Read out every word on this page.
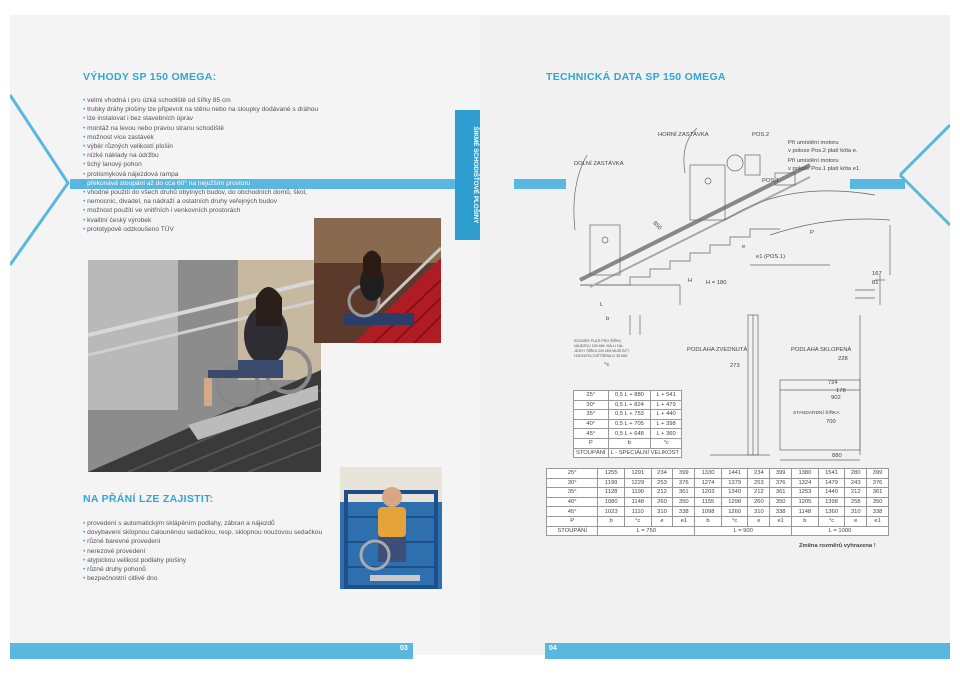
VÝHODY SP 150 OMEGA:
• velmi vhodná i pro úzká schodiště od šířky 85 cm
• trubky dráhy plošiny lze připevnit na stěnu nebo na sloupky dodávané s dráhou
• lze instalovat i bez stavebních úprav
• montáž na levou nebo pravou stranu schodiště
• možnost více zastávek
• výběr různých velikostí plošin
• nízké náklady na údržbu
• tichý lanový pohon
• protismyková nájezdová rampa
• překonává stoupání až do cca 60° na nejužším prostoru
• vhodné použití do všech druhů obytných budov, do obchodních domů, škol,
• nemocnic, divadel, na nádraží a ostatních druhy veřejných budov
• možnost použití ve vnitřních i venkovních prostorách
• kvalitní český výrobek
• prototypově odzkoušeno TÜV

ŠIKMÉ SCHODIŠŤOVÉ PLOŠINY
NA PŘÁNÍ LZE ZAJISTIT:
• provedení s automatickým sklápěním podlahy, zábran a nájezdů
• dovybavení sklopnou čalouněnou sedačkou, resp. sklopnou nouzovou sedačkou
• různé barevné provedení
• nerezové provedení
• atypickou velikost podlahy plošiny
• různé druhy pohonů
• bezpečnostní citlivé dno
TECHNICKÁ DATA SP 150 OMEGA
HORNÍ ZASTÁVKA
DOLNÍ ZASTÁVKA
POS.2
POS.1
Při umístění motoru
v poloze Pos.2 platí kóta e.
Při umístění motoru
v poloze Pos.1 platí kóta e1.
850
e
e1 (POS.1)
P
H H = 180
167
81
L
b
ROZMĚR PLATÍ PRO ŠÍŘKU
NÁJEZDU 150 MM. MÁ-LI NÁ-
JEZDY ŠÍŘKU 200 MM MUSÍ BÝT
HODNOTA ZVĚTŠENA O 35 MM.
°c
PODLAHA ZVEDNUTÁ	PODLAHA SKLOPENÁ
273
228
724
178
902
STANDARDNÍ ŠÍŘKA
700
880
25°	0,5 L + 880	L + 541
30°	0,5 L + 824	L + 479
35°	0,5 L + 753	L + 440
40°	0,5 L + 705	L + 398
45°	0,5 L + 648	L + 360
P	b	°c
STOUPÁNÍ	L - SPECIÁLNÍ VELIKOST	
25°	1255	1291	234	399	1330	1441	234	399	1380	1541	280	399
30°	1199	1229	253	376	1274	1379	253	376	1324	1479	243	376
35°	1128	1190	212	361	1203	1340	212	361	1253	1440	212	361
40°	1080	1148	260	350	1155	1298	260	350	1205	1398	258	350
45°	1023	1110	310	338	1098	1260	310	338	1148	1360	310	338
P	b	°c	e	e1	b	°c	e	e1	b	°c	e	e1
STOUPÁNÍ	L = 750				L = 900				L = 1000			
Změna rozměrů vyhrazena !
03	04
